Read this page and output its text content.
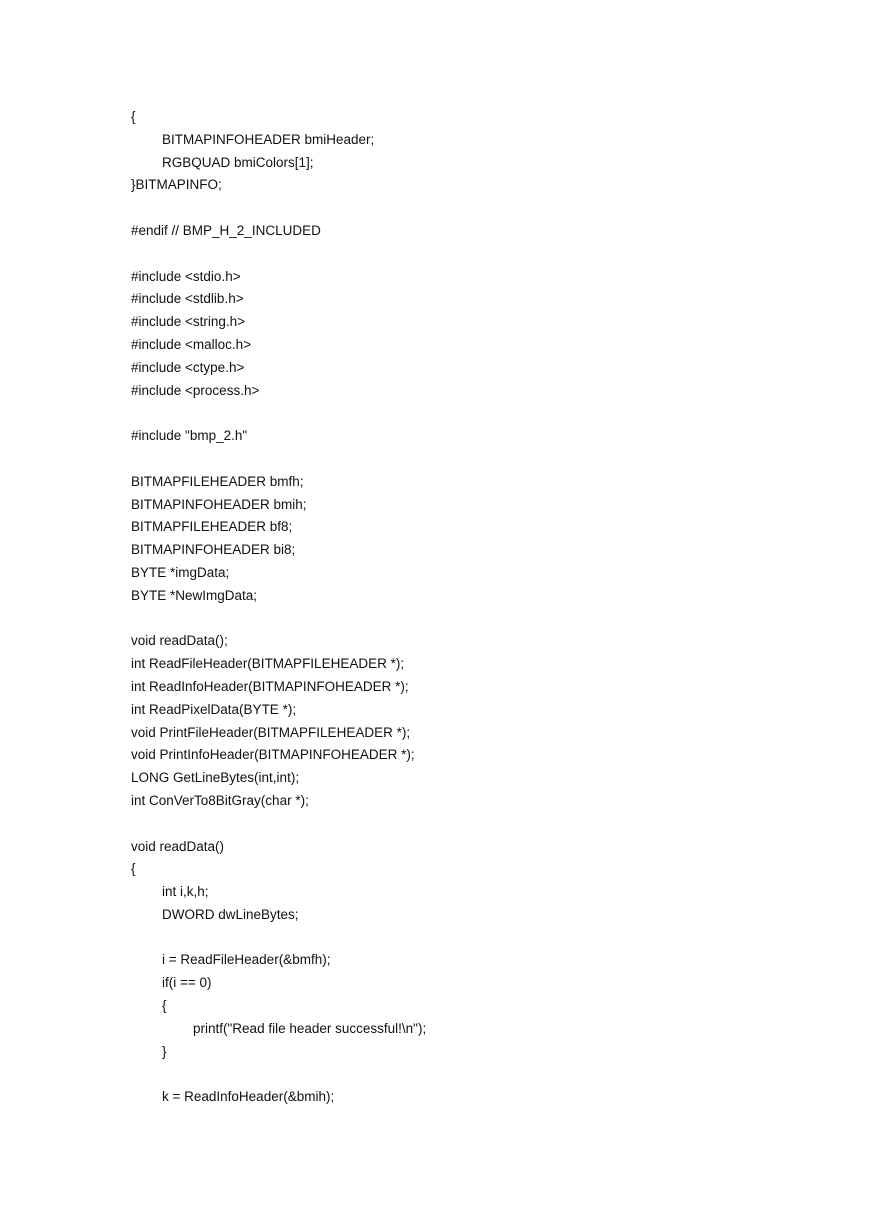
{
BITMAPINFOHEADER bmiHeader;
RGBQUAD bmiColors[1];
}BITMAPINFO;
#endif // BMP_H_2_INCLUDED
#include <stdio.h>
#include <stdlib.h>
#include <string.h>
#include <malloc.h>
#include <ctype.h>
#include <process.h>
#include "bmp_2.h"
BITMAPFILEHEADER bmfh;
BITMAPINFOHEADER bmih;
BITMAPFILEHEADER bf8;
BITMAPINFOHEADER bi8;
BYTE *imgData;
BYTE *NewImgData;
void readData();
int ReadFileHeader(BITMAPFILEHEADER *);
int ReadInfoHeader(BITMAPINFOHEADER *);
int ReadPixelData(BYTE *);
void PrintFileHeader(BITMAPFILEHEADER *);
void PrintInfoHeader(BITMAPINFOHEADER *);
LONG GetLineBytes(int,int);
int ConVerTo8BitGray(char *);
void readData()
{
int i,k,h;
DWORD dwLineBytes;
i = ReadFileHeader(&bmfh);
if(i == 0)
{
printf("Read file header successful!\n");
}
k = ReadInfoHeader(&bmih);
